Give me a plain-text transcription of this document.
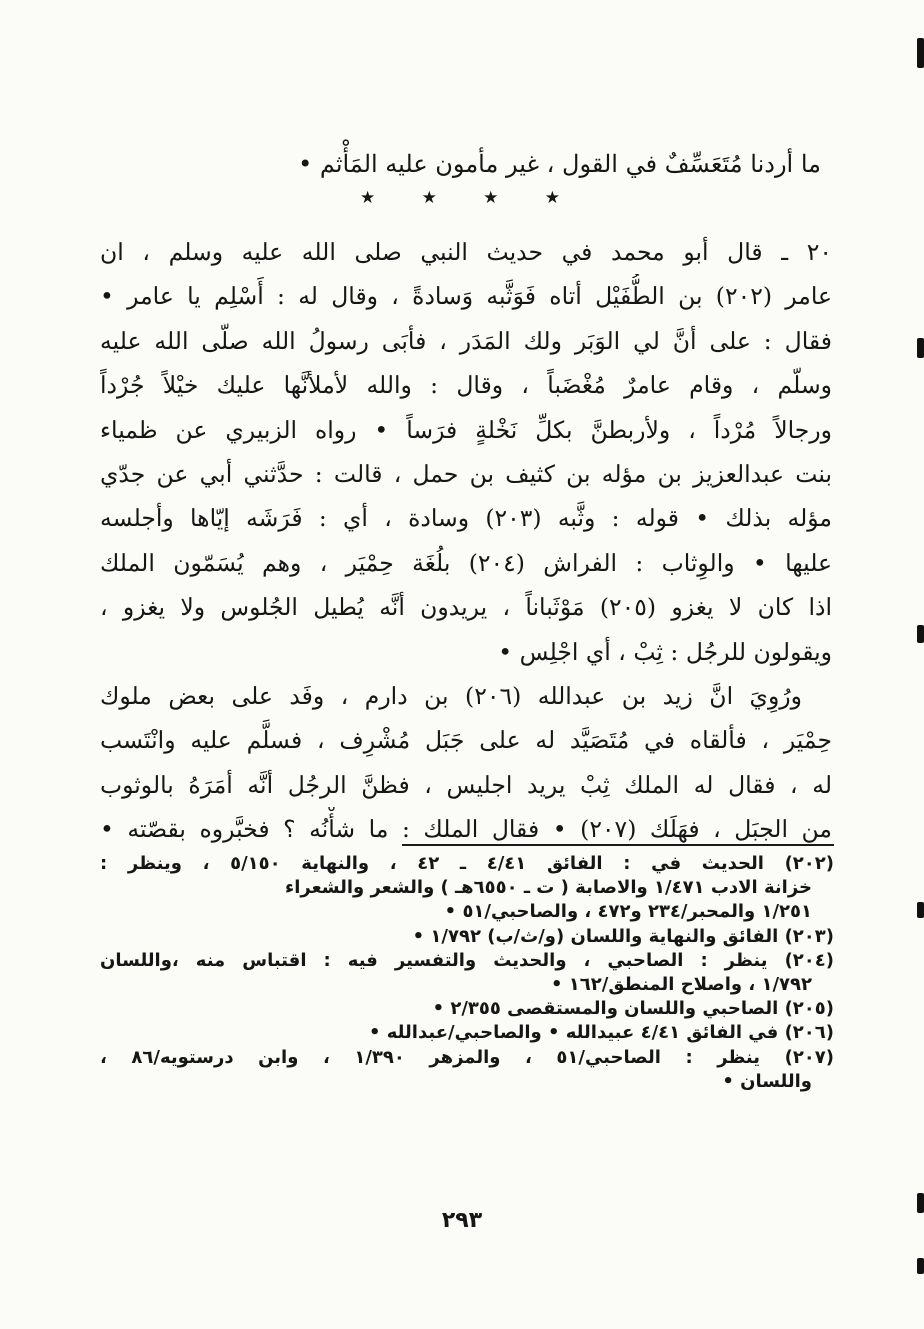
ما أردنا مُتَعَسِّفٌ في القول ، غير مأمون عليه المَأْثم •
★	★	★	★
٢٠ ـ قال أبو محمد في حديث النبي صلى الله عليه وسلم ، ان
عامر (٢٠٢) بن الطُّفَيْل أتاه فَوَثَّبه وَسادةً ، وقال له : أَسْلِم يا عامر •
فقال : على أنَّ لي الوَبَر ولك المَدَر ، فأبَى رسولُ الله صلّى الله عليه
وسلّم ، وقام عامرٌ مُغْضَباً ، وقال : والله لأملأنَّها عليك خيْلاً جُرْداً
ورجالاً مُرْداً ، ولأربطنَّ بكلِّ نَخْلةٍ فرَساً • رواه الزبيري عن ظمياء
بنت عبدالعزيز بن مؤله بن كثيف بن حمل ، قالت : حدَّثني أبي عن جدّي
مؤله بذلك • قوله : وثَّبه (٢٠٣) وسادة ، أي : فَرَشَه إيّاها وأجلسه
عليها • والوِثاب : الفراش (٢٠٤) بلُغَة حِمْيَر ، وهم يُسَمّون الملك
اذا كان لا يغزو (٢٠٥) مَوْثَباناً ، يريدون أنَّه يُطيل الجُلوس ولا يغزو ،
ويقولون للرجُل : ثِبْ ، أي اجْلِس •
ورُوِيَ انَّ زيد بن عبدالله (٢٠٦) بن دارم ، وفَد على بعض ملوك
حِمْيَر ، فألقاه في مُتَصَيَّد له على جَبَل مُشْرِف ، فسلَّم عليه وانْتَسب
له ، فقال له الملك ثِبْ يريد اجليس ، فظنَّ الرجُل أنَّه أمَرَهُ بالوثوب
من الجبَل ، فهَلَك (٢٠٧) • فقال الملك : ما شأْنُه ؟ فخبَّروه بقصّته •
(٢٠٢) الحديث في : الفائق ٤/٤١ ـ ٤٢ ، والنهاية ٥/١٥٠ ، وينظر :
خزانة الادب ١/٤٧١ والاصابة ( ت ـ ٦٥٥٠هـ ) والشعر والشعراء
١/٢٥١ والمحبر/٢٣٤ و٤٧٢ ، والصاحبي/٥١ •
(٢٠٣) الفائق والنهاية واللسان (و/ث/ب) ١/٧٩٢ •
(٢٠٤) ينظر : الصاحبي ، والحديث والتفسير فيه : اقتباس منه ،واللسان
١/٧٩٢ ، واصلاح المنطق/١٦٢ •
(٢٠٥) الصاحبي واللسان والمستقصى ٢/٣٥٥ •
(٢٠٦) في الفائق ٤/٤١ عبيدالله • والصاحبي/عبدالله •
(٢٠٧) ينظر : الصاحبي/٥١ ، والمزهر ١/٣٩٠ ، وابن درستويه/٨٦ ،
واللسان •
٢٩٣
